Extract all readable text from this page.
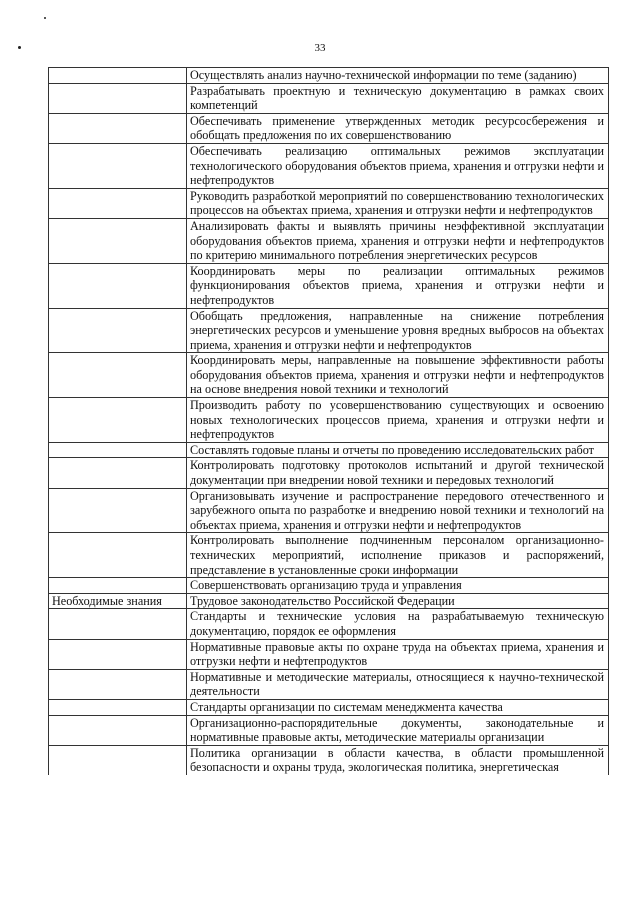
33
	Осуществлять анализ научно-технической информации по теме (заданию)
	Разрабатывать проектную и техническую документацию в рамках своих компетенций
	Обеспечивать применение утвержденных методик ресурсосбережения и обобщать предложения по их совершенствованию
	Обеспечивать реализацию оптимальных режимов эксплуатации технологического оборудования объектов приема, хранения и отгрузки нефти и нефтепродуктов
	Руководить разработкой мероприятий по совершенствованию технологических процессов на объектах приема, хранения и отгрузки нефти и нефтепродуктов
	Анализировать факты и выявлять причины неэффективной эксплуатации оборудования объектов приема, хранения и отгрузки нефти и нефтепродуктов по критерию минимального потребления энергетических ресурсов
	Координировать меры по реализации оптимальных режимов функционирования объектов приема, хранения и отгрузки нефти и нефтепродуктов
	Обобщать предложения, направленные на снижение потребления энергетических ресурсов и уменьшение уровня вредных выбросов на объектах приема, хранения и отгрузки нефти и нефтепродуктов
	Координировать меры, направленные на повышение эффективности работы оборудования объектов приема, хранения и отгрузки нефти и нефтепродуктов на основе внедрения новой техники и технологий
	Производить работу по усовершенствованию существующих и освоению новых технологических процессов приема, хранения и отгрузки нефти и нефтепродуктов
	Составлять годовые планы и отчеты по проведению исследовательских работ
	Контролировать подготовку протоколов испытаний и другой технической документации при внедрении новой техники и передовых технологий
	Организовывать изучение и распространение передового отечественного и зарубежного опыта по разработке и внедрению новой техники и технологий на объектах приема, хранения и отгрузки нефти и нефтепродуктов
	Контролировать выполнение подчиненным персоналом организационно-технических мероприятий, исполнение приказов и распоряжений, представление в установленные сроки информации
	Совершенствовать организацию труда и управления
Необходимые знания	Трудовое законодательство Российской Федерации
	Стандарты и технические условия на разрабатываемую техническую документацию, порядок ее оформления
	Нормативные правовые акты по охране труда на объектах приема, хранения и отгрузки нефти и нефтепродуктов
	Нормативные и методические материалы, относящиеся к научно-технической деятельности
	Стандарты организации по системам менеджмента качества
	Организационно-распорядительные документы, законодательные и нормативные правовые акты, методические материалы организации
	Политика организации в области качества, в области промышленной безопасности и охраны труда, экологическая политика, энергетическая
